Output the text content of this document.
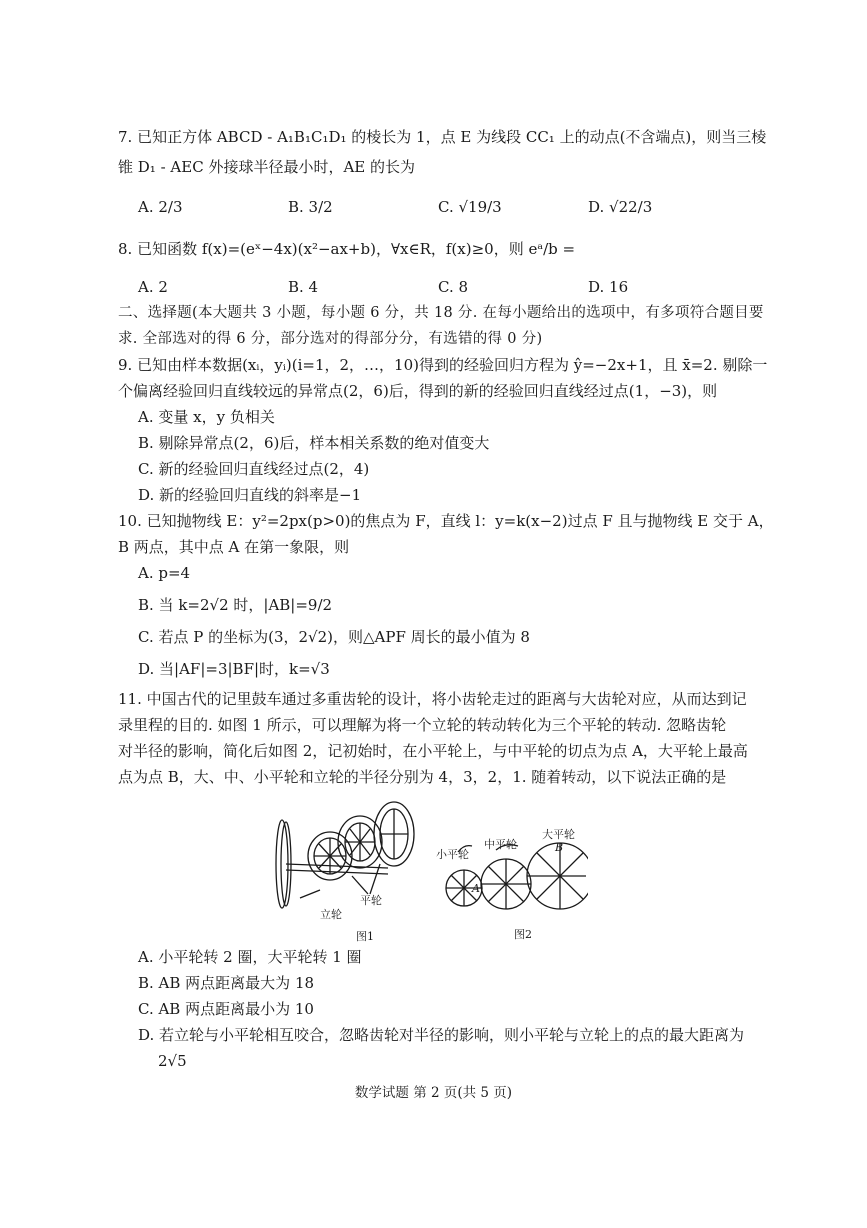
7. 已知正方体 ABCD - A₁B₁C₁D₁ 的棱长为 1，点 E 为线段 CC₁ 上的动点(不含端点)，则当三棱
锥 D₁ - AEC 外接球半径最小时，AE 的长为
A. 2/3	B. 3/2	C. √19/3	D. √22/3
8. 已知函数 f(x)=(eˣ−4x)(x²−ax+b)，∀x∈R，f(x)≥0，则 eᵃ/b =
A. 2	B. 4	C. 8	D. 16
二、选择题(本大题共 3 小题，每小题 6 分，共 18 分. 在每小题给出的选项中，有多项符合题目要
求. 全部选对的得 6 分，部分选对的得部分分，有选错的得 0 分)
9. 已知由样本数据(xᵢ，yᵢ)(i=1，2，…，10)得到的经验回归方程为 ŷ=−2x+1，且 x̄=2. 剔除一
个偏离经验回归直线较远的异常点(2，6)后，得到的新的经验回归直线经过点(1，−3)，则
A. 变量 x，y 负相关
B. 剔除异常点(2，6)后，样本相关系数的绝对值变大
C. 新的经验回归直线经过点(2，4)
D. 新的经验回归直线的斜率是−1
10. 已知抛物线 E：y²=2px(p>0)的焦点为 F，直线 l：y=k(x−2)过点 F 且与抛物线 E 交于 A，
B 两点，其中点 A 在第一象限，则
A. p=4
B. 当 k=2√2 时，|AB|=9/2
C. 若点 P 的坐标为(3，2√2)，则△APF 周长的最小值为 8
D. 当|AF|=3|BF|时，k=√3
11. 中国古代的记里鼓车通过多重齿轮的设计，将小齿轮走过的距离与大齿轮对应，从而达到记
录里程的目的. 如图 1 所示，可以理解为将一个立轮的转动转化为三个平轮的转动. 忽略齿轮
对半径的影响，简化后如图 2，记初始时，在小平轮上，与中平轮的切点为点 A，大平轮上最高
点为点 B，大、中、小平轮和立轮的半径分别为 4，3，2，1. 随着转动，以下说法正确的是
立轮
平轮
图1
小平轮
中平轮
大平轮
A
B
图2
A. 小平轮转 2 圈，大平轮转 1 圈
B. AB 两点距离最大为 18
C. AB 两点距离最小为 10
D. 若立轮与小平轮相互咬合，忽略齿轮对半径的影响，则小平轮与立轮上的点的最大距离为
2√5
数学试题 第 2 页(共 5 页)
